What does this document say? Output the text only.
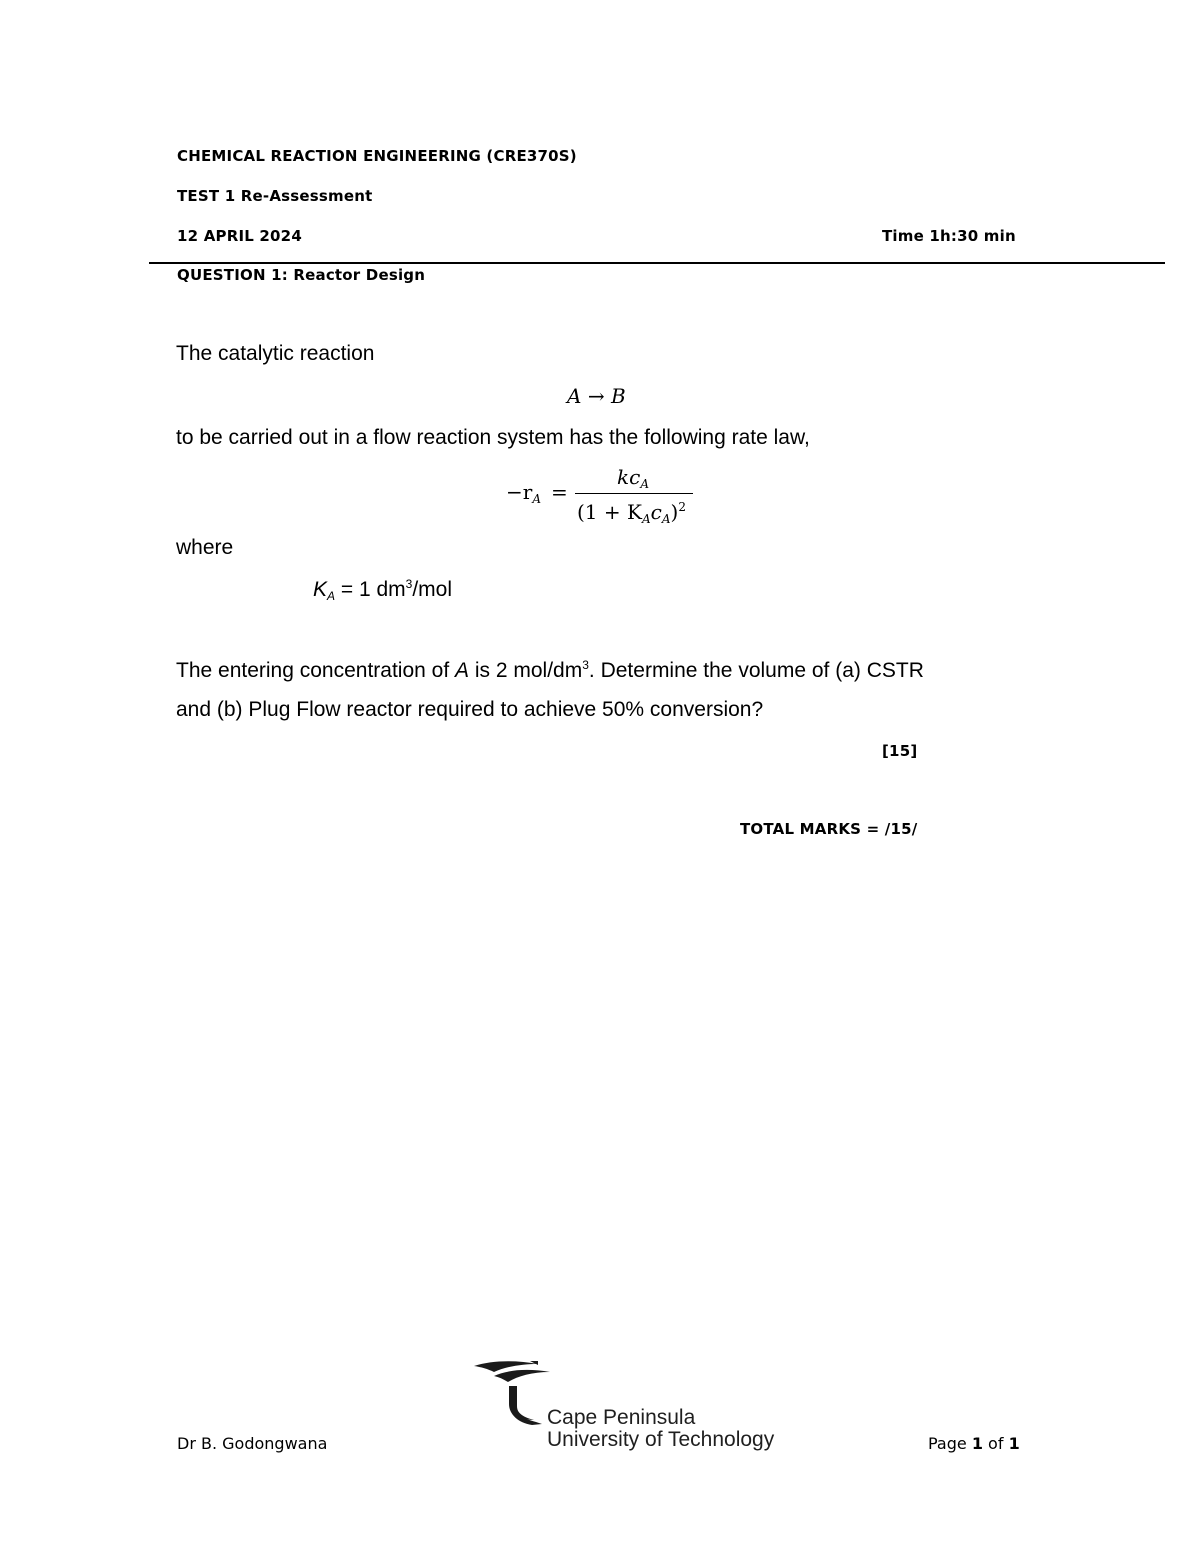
CHEMICAL REACTION ENGINEERING (CRE370S)
TEST 1 Re-Assessment
12 APRIL 2024	Time 1h:30 min
QUESTION 1: Reactor Design
The catalytic reaction
A → B
to be carried out in a flow reaction system has the following rate law,
$-r_A$ =
$kc_A$
$(1 + K_Ac_A)^2$
where
$K_A = 1$ $dm^3$/mol
The entering concentration of A is 2 mol/$dm^3$. Determine the volume of (a) CSTR
and (b) Plug Flow reactor required to achieve 50% conversion?
[15]
TOTAL MARKS = /15/
Dr B. Godongwana
Cape Peninsula
University of Technology	Page 1 of 1
